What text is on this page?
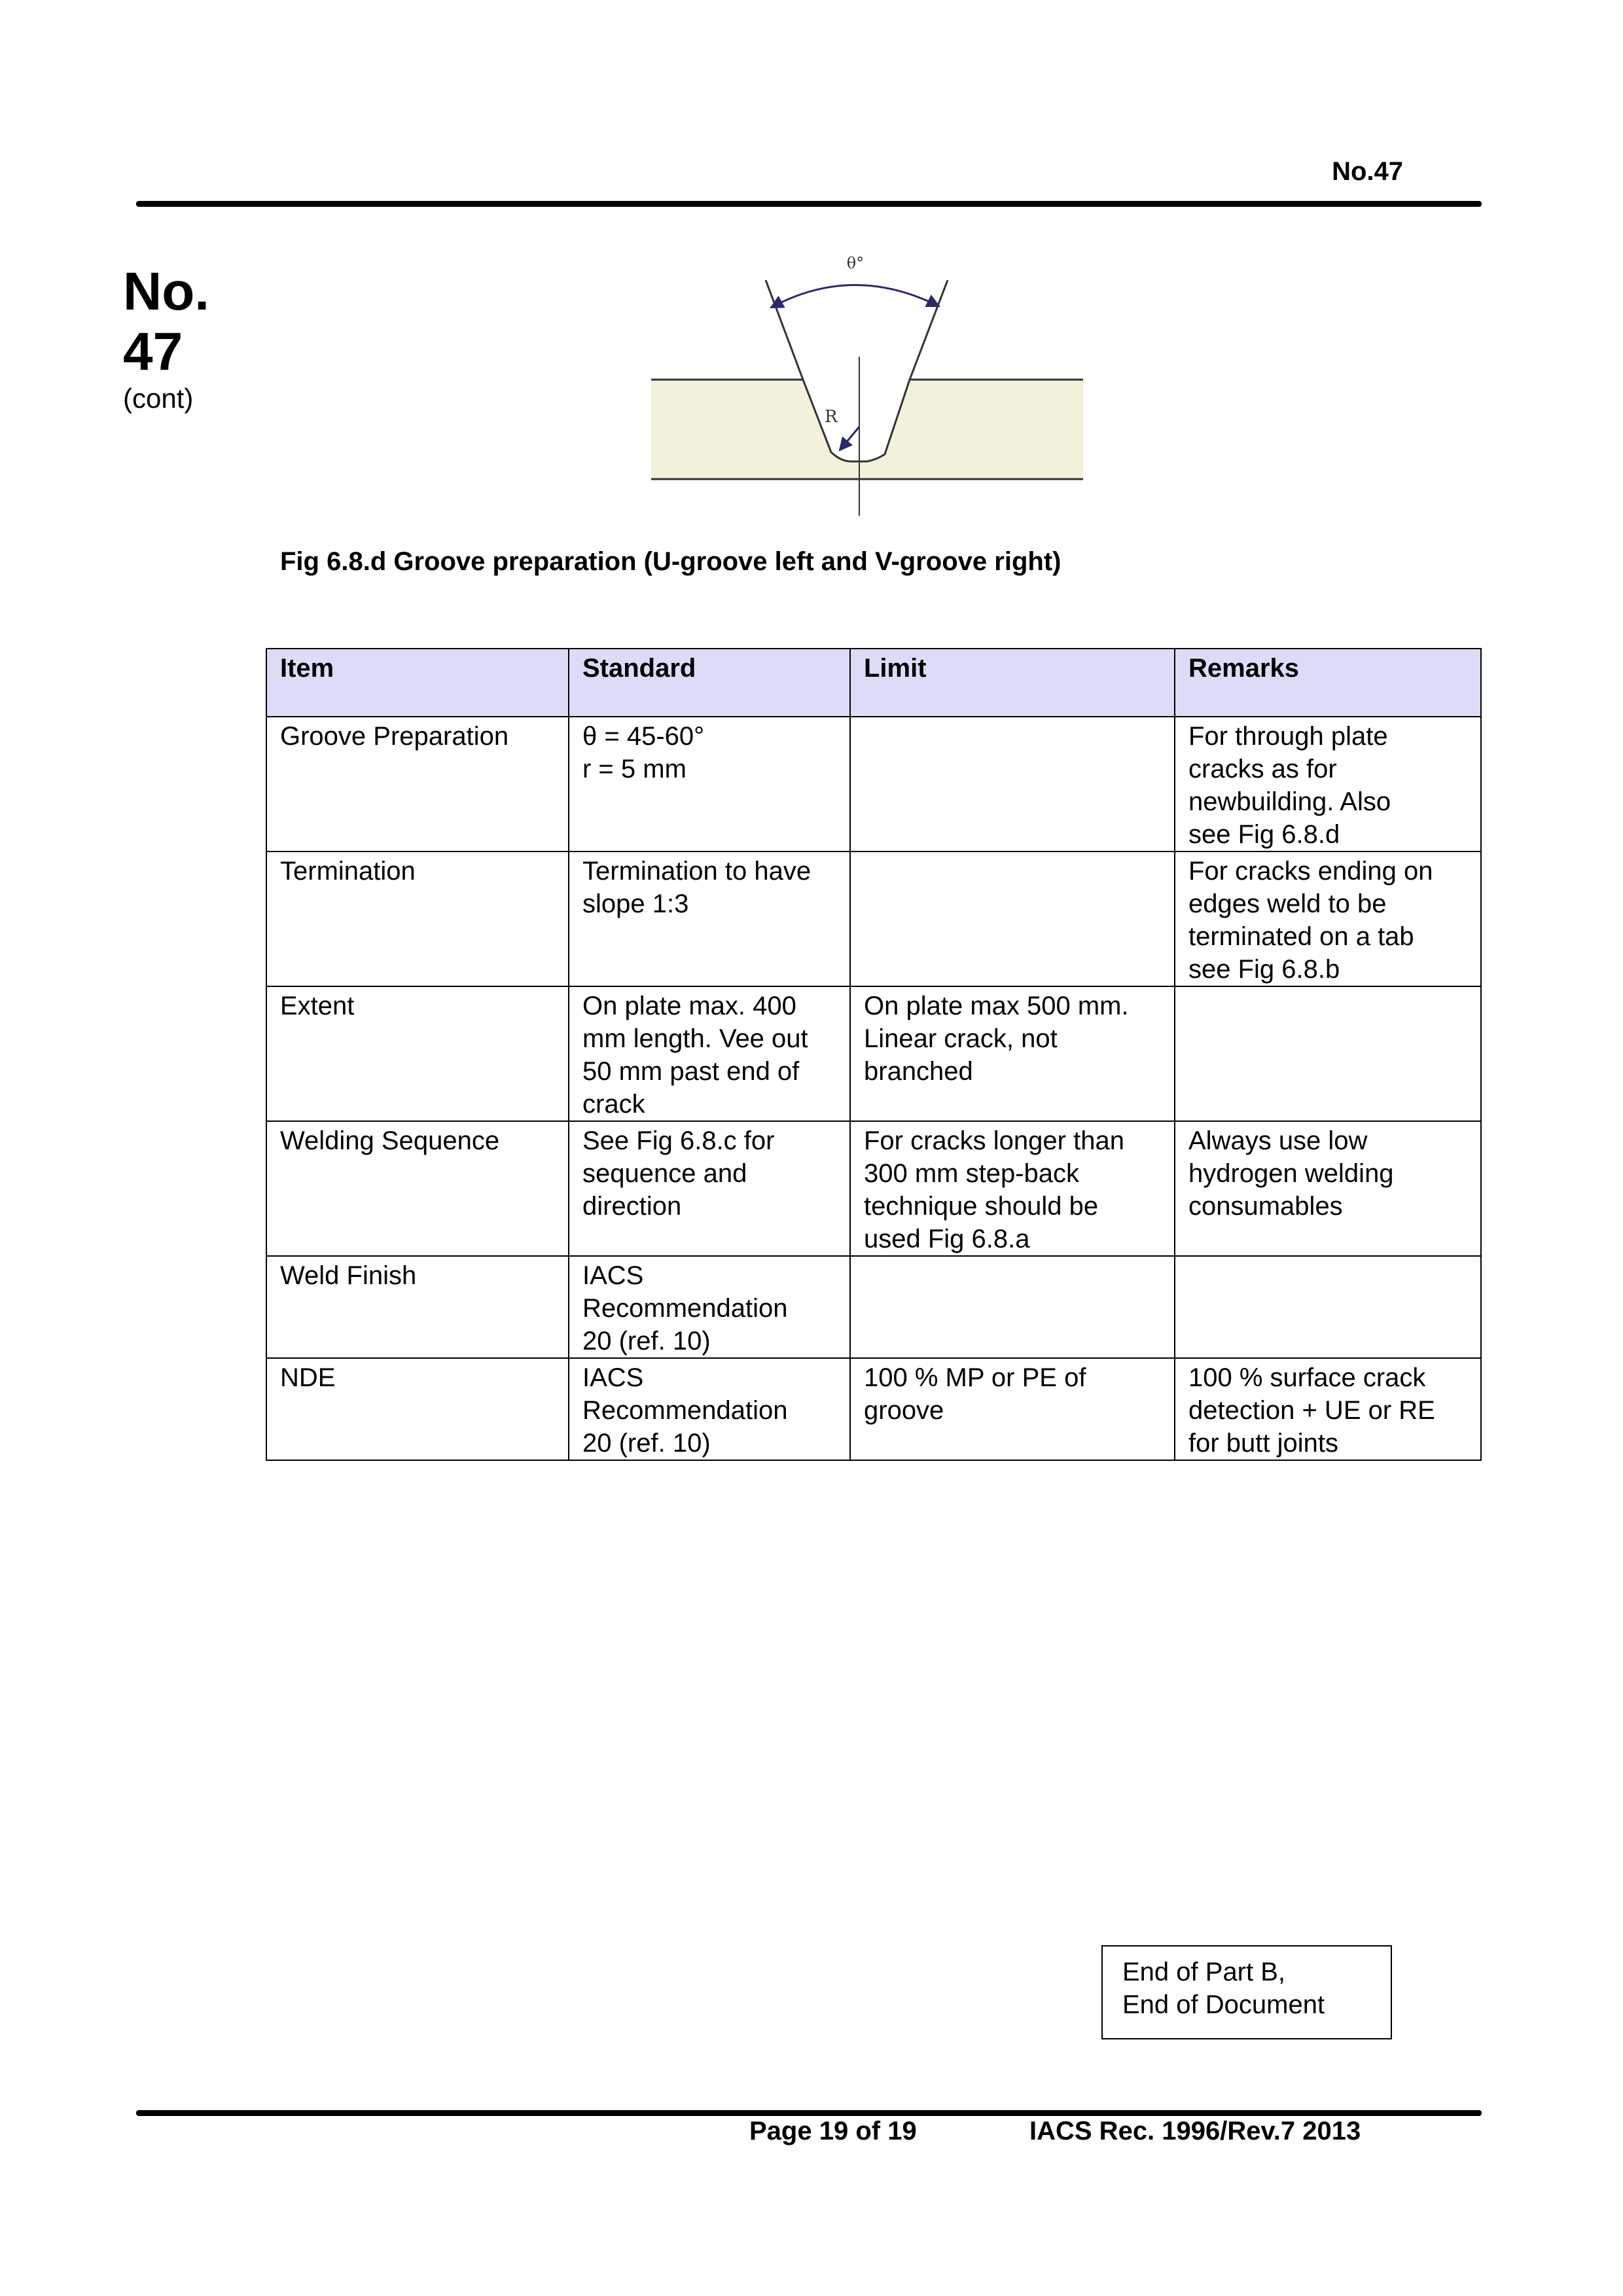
No.47
No.
47
(cont)
θ°
R
Fig 6.8.d Groove preparation (U-groove left and V-groove right)
Item	Standard	Limit	Remarks

Groove Preparation	θ = 45-60°
r = 5 mm		For through plate
cracks as for
newbuilding. Also
see Fig 6.8.d

Termination	Termination to have
slope 1:3		For cracks ending on
edges weld to be
terminated on a tab
see Fig 6.8.b

Extent	On plate max. 400
mm length. Vee out
50 mm past end of
crack	On plate max 500 mm.
Linear crack, not
branched	

Welding Sequence	See Fig 6.8.c for
sequence and
direction	For cracks longer than
300 mm step-back
technique should be
used Fig 6.8.a	Always use low
hydrogen welding
consumables

Weld Finish	IACS
Recommendation
20 (ref. 10)		

NDE	IACS
Recommendation
20 (ref. 10)	100 % MP or PE of
groove	100 % surface crack
detection + UE or RE
for butt joints
End of Part B,
End of Document
Page 19 of 19	IACS Rec. 1996/Rev.7 2013
